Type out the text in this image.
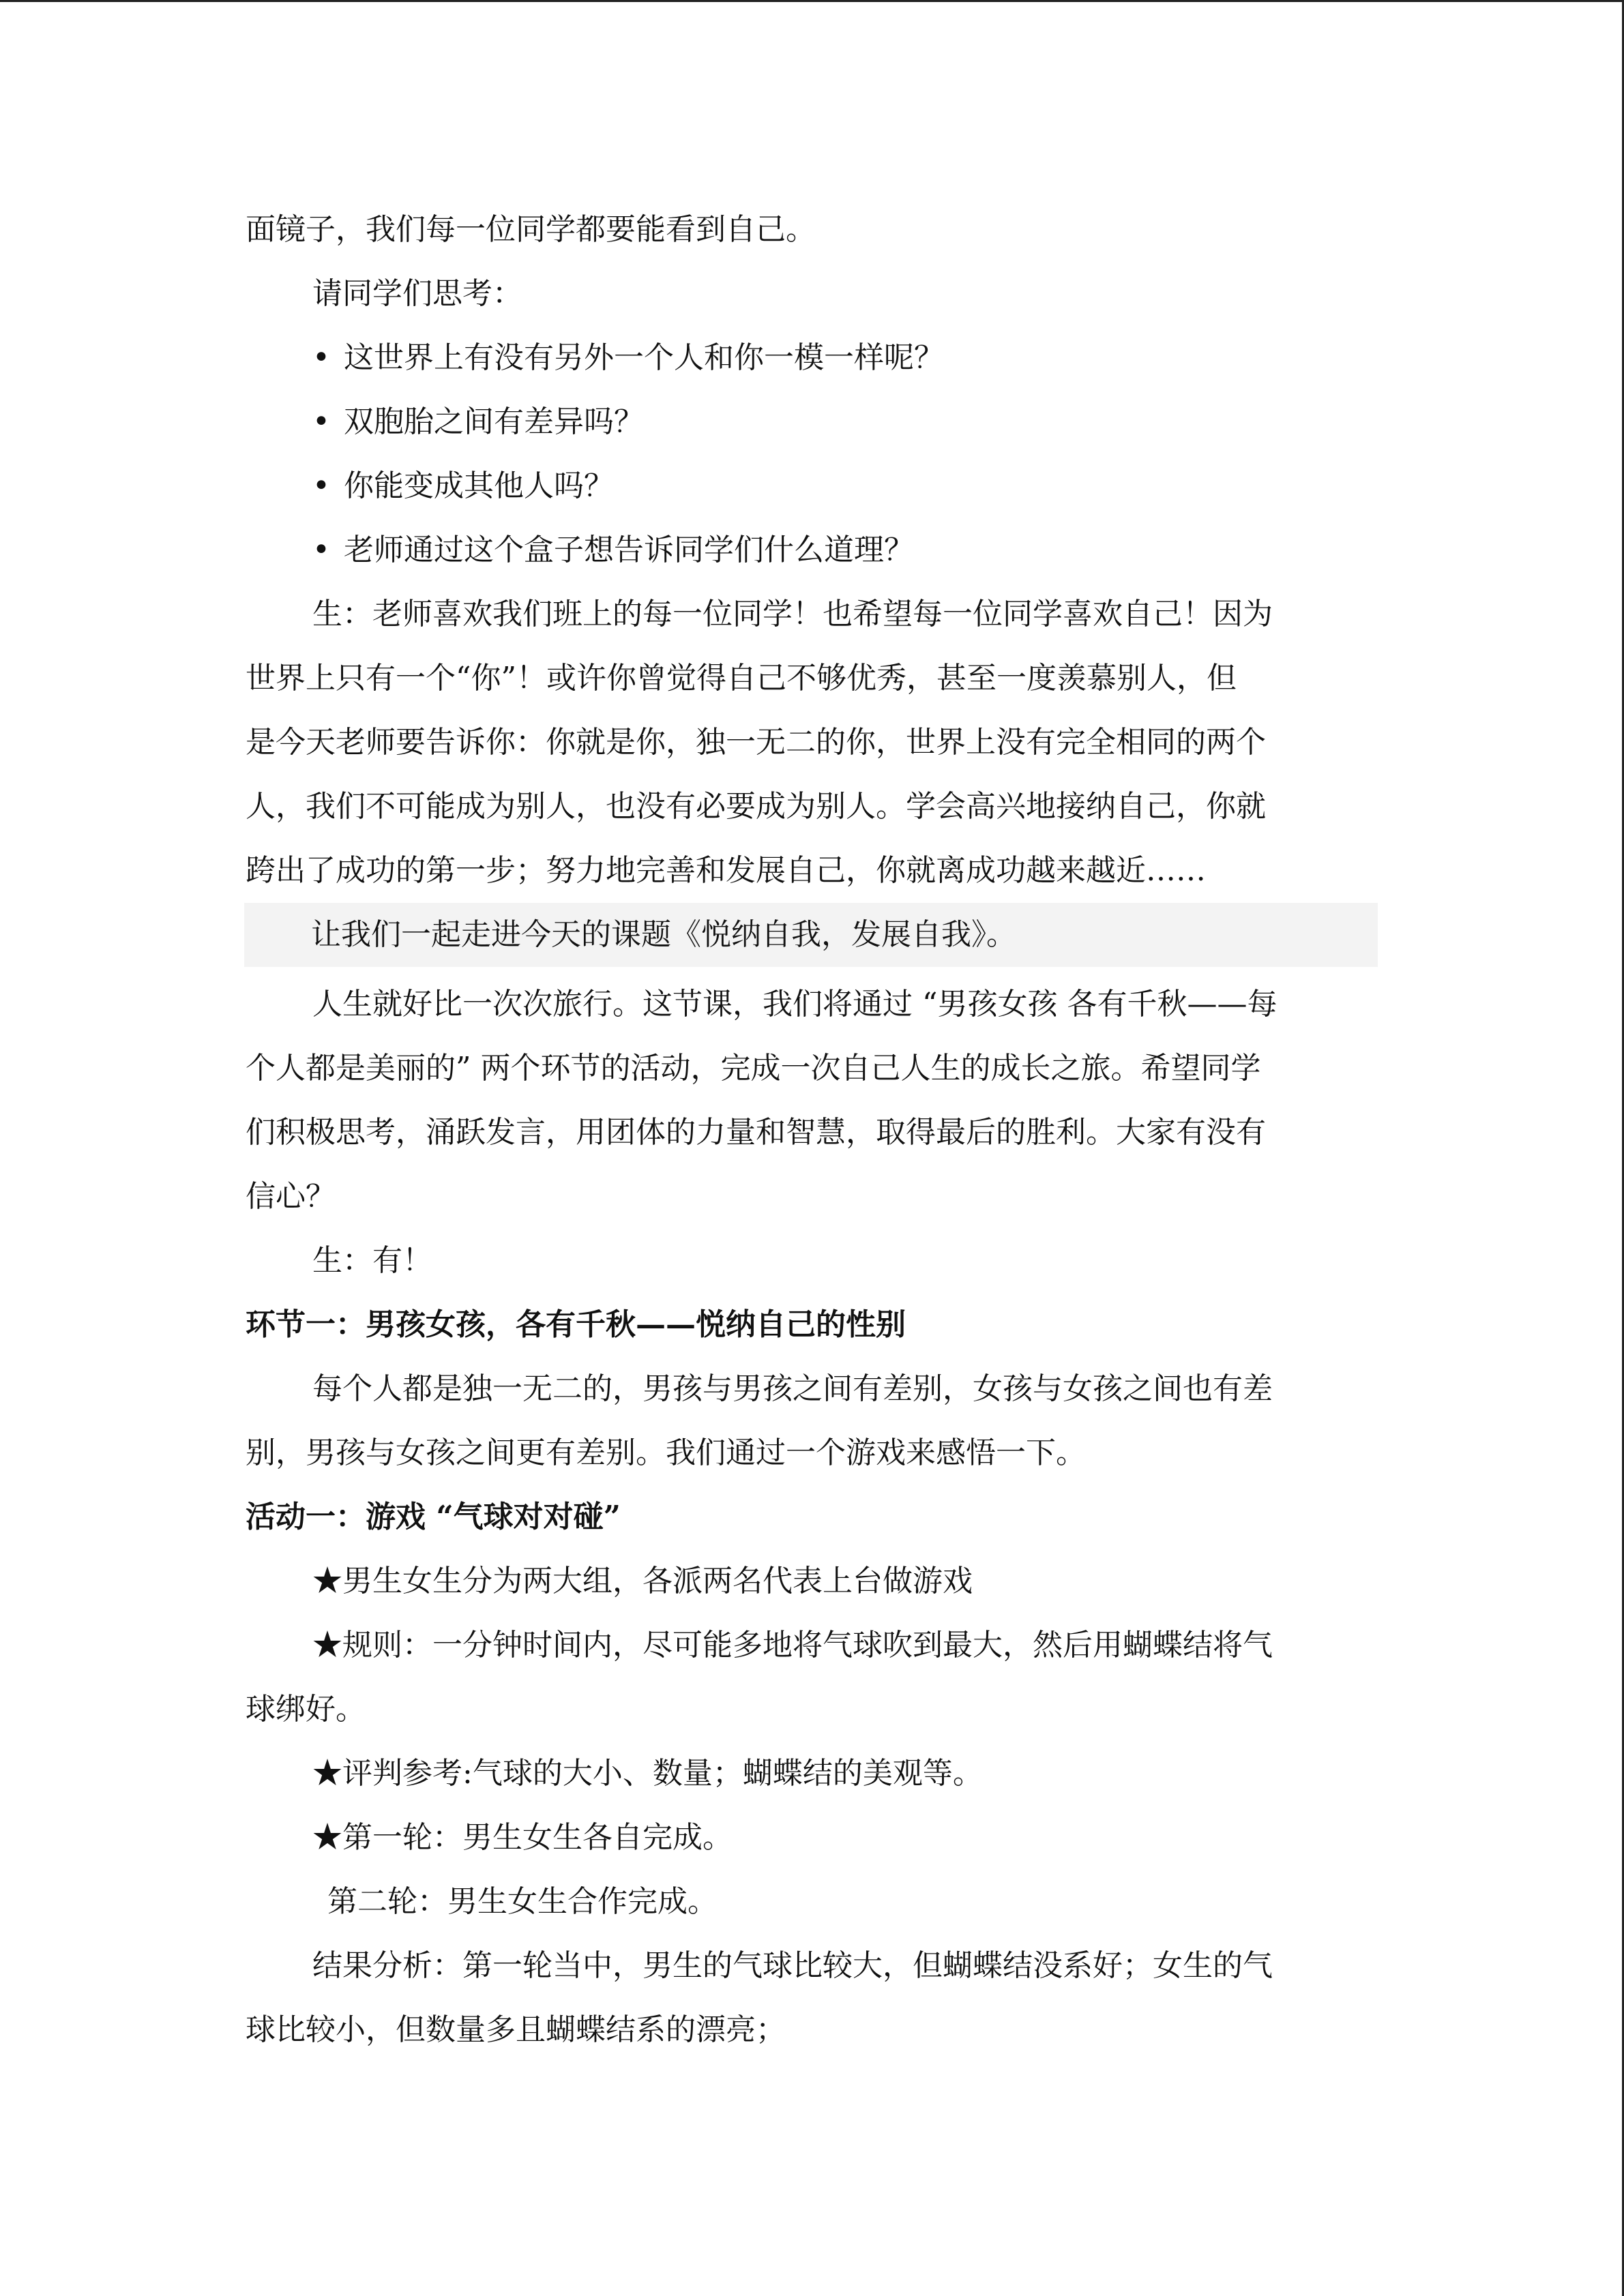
面镜子，我们每一位同学都要能看到自己。
请同学们思考：
• 这世界上有没有另外一个人和你一模一样呢？
• 双胞胎之间有差异吗？
• 你能变成其他人吗？
• 老师通过这个盒子想告诉同学们什么道理？
生：老师喜欢我们班上的每一位同学！也希望每一位同学喜欢自己！因为
世界上只有一个“你”！或许你曾觉得自己不够优秀，甚至一度羡慕别人，但
是今天老师要告诉你：你就是你，独一无二的你，世界上没有完全相同的两个
人，我们不可能成为别人，也没有必要成为别人。学会高兴地接纳自己，你就
跨出了成功的第一步；努力地完善和发展自己，你就离成功越来越近……
让我们一起走进今天的课题《悦纳自我，发展自我》。
人生就好比一次次旅行。这节课，我们将通过 “男孩女孩 各有千秋——每
个人都是美丽的” 两个环节的活动，完成一次自己人生的成长之旅。希望同学
们积极思考，涌跃发言，用团体的力量和智慧，取得最后的胜利。大家有没有
信心？
生：有！
环节一：男孩女孩，各有千秋——悦纳自己的性别
每个人都是独一无二的，男孩与男孩之间有差别，女孩与女孩之间也有差
别，男孩与女孩之间更有差别。我们通过一个游戏来感悟一下。
活动一：游戏 “气球对对碰”
★男生女生分为两大组，各派两名代表上台做游戏
★规则：一分钟时间内，尽可能多地将气球吹到最大，然后用蝴蝶结将气
球绑好。
★评判参考:气球的大小、数量；蝴蝶结的美观等。
★第一轮：男生女生各自完成。
第二轮：男生女生合作完成。
结果分析：第一轮当中，男生的气球比较大，但蝴蝶结没系好；女生的气
球比较小，但数量多且蝴蝶结系的漂亮；
